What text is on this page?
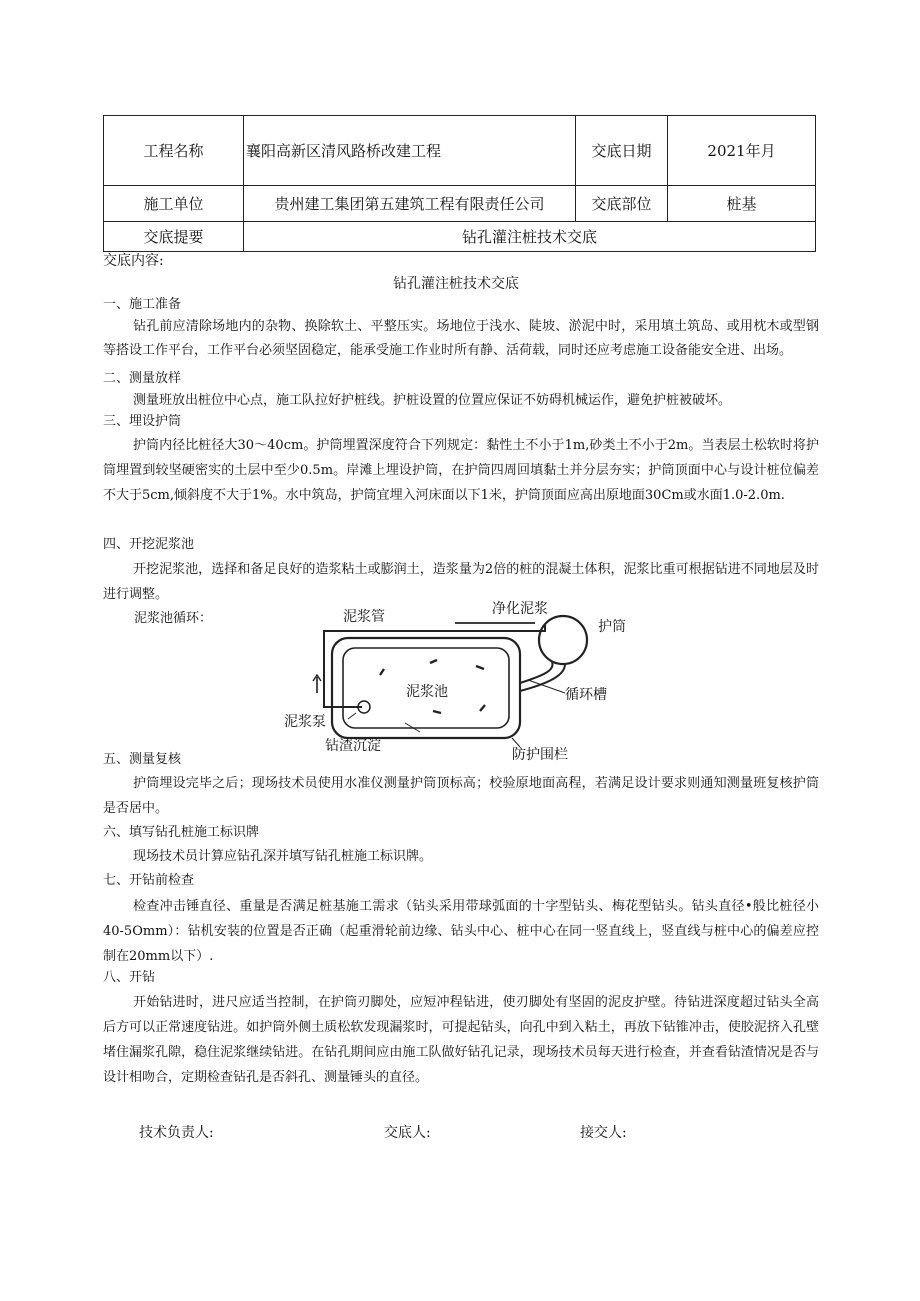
工程名称	襄阳高新区清风路桥改建工程	交底日期	2021年月
施工单位	贵州建工集团第五建筑工程有限责任公司	交底部位	桩基
交底提要	钻孔灌注桩技术交底		
交底内容:
钻孔灌注桩技术交底
一、施工准备
钻孔前应清除场地内的杂物、换除软土、平整压实。场地位于浅水、陡坡、淤泥中时，采用填土筑岛、或用枕木或型钢等搭设工作平台，工作平台必须坚固稳定，能承受施工作业时所有静、活荷载，同时还应考虑施工设备能安全进、出场。
二、测量放样
测量班放出桩位中心点，施工队拉好护桩线。护桩设置的位置应保证不妨碍机械运作，避免护桩被破坏。
三、埋设护筒
护筒内径比桩径大30～40cm。护筒埋置深度符合下列规定：黏性土不小于1m,砂类土不小于2m。当表层土松软时将护筒埋置到较坚硬密实的土层中至少0.5m。岸滩上埋设护筒，在护筒四周回填黏土并分层夯实；护筒顶面中心与设计桩位偏差不大于5cm,倾斜度不大于1%。水中筑岛，护筒宜埋入河床面以下1米，护筒顶面应高出原地面30Cm或水面1.0-2.0m.
四、开挖泥浆池
开挖泥浆池，选择和备足良好的造浆粘土或膨润土，造浆量为2倍的桩的混凝土体积，泥浆比重可根据钻进不同地层及时进行调整。
泥浆池循环：	泥浆管	净化泥浆
护筒
泥浆池	循环槽
泥浆泵
钻渣沉淀
防护围栏
五、测量复核
护筒埋设完毕之后；现场技术员使用水准仪测量护筒顶标高；校验原地面高程，若满足设计要求则通知测量班复核护筒是否居中。
六、填写钻孔桩施工标识牌
现场技术员计算应钻孔深并填写钻孔桩施工标识牌。
七、开钻前检查
检查冲击锤直径、重量是否满足桩基施工需求（钻头采用带球弧面的十字型钻头、梅花型钻头。钻头直径•般比桩径小40-5Omm）：钻机安装的位置是否正确（起重滑轮前边缘、钻头中心、桩中心在同一竖直线上，竖直线与桩中心的偏差应控制在20mm以下）.
八、开钻
开始钻进时，进尺应适当控制，在护筒刃脚处，应短冲程钻进，使刃脚处有坚固的泥皮护壁。待钻进深度超过钻头全高后方可以正常速度钻进。如护筒外侧土质松软发现漏浆时，可提起钻头，向孔中到入粘土，再放下钻锥冲击，使胶泥挤入孔壁堵住漏浆孔隙，稳住泥浆继续钻进。在钻孔期间应由施工队做好钻孔记录，现场技术员每天进行检查，并查看钻渣情况是否与设计相吻合，定期检查钻孔是否斜孔、测量锤头的直径。
技术负责人:	交底人:	接交人:
